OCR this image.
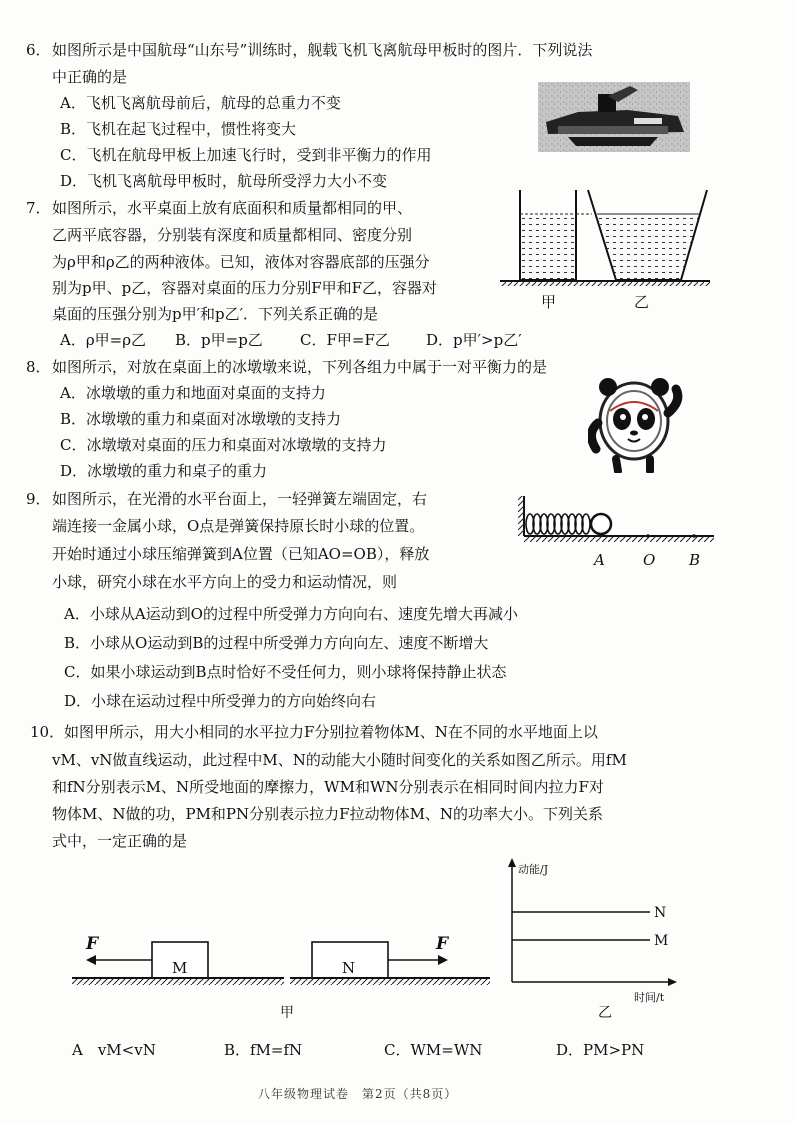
6． 如图所示是中国航母“山东号”训练时，舰载飞机飞离航母甲板时的图片．下列说法
中正确的是
A．飞机飞离航母前后，航母的总重力不变
B．飞机在起飞过程中，惯性将变大
C．飞机在航母甲板上加速飞行时，受到非平衡力的作用
D．飞机飞离航母甲板时，航母所受浮力大小不变
7． 如图所示，水平桌面上放有底面积和质量都相同的甲、
乙两平底容器，分别装有深度和质量都相同、密度分别
为ρ甲和ρ乙的两种液体。已知，液体对容器底部的压强分
别为p甲、p乙，容器对桌面的压力分别F甲和F乙，容器对
桌面的压强分别为p甲′和p乙′．下列关系正确的是
A．ρ甲=ρ乙 B．p甲=p乙 C．F甲=F乙 D．p甲′>p乙′
甲	乙
8． 如图所示，对放在桌面上的冰墩墩来说，下列各组力中属于一对平衡力的是
A．冰墩墩的重力和地面对桌面的支持力
B．冰墩墩的重力和桌面对冰墩墩的支持力
C．冰墩墩对桌面的压力和桌面对冰墩墩的支持力
D．冰墩墩的重力和桌子的重力
9． 如图所示，在光滑的水平台面上，一轻弹簧左端固定，右
端连接一金属小球，O点是弹簧保持原长时小球的位置。
开始时通过小球压缩弹簧到A位置（已知AO=OB），释放
小球，研究小球在水平方向上的受力和运动情况，则
A．小球从A运动到O的过程中所受弹力方向向右、速度先增大再减小
B．小球从O运动到B的过程中所受弹力方向向左、速度不断增大
C．如果小球运动到B点时恰好不受任何力，则小球将保持静止状态
D．小球在运动过程中所受弹力的方向始终向右
A	O B
10． 如图甲所示，用大小相同的水平拉力F分别拉着物体M、N在不同的水平地面上以
vM、vN做直线运动，此过程中M、N的动能大小随时间变化的关系如图乙所示。用fM
和fN分别表示M、N所受地面的摩擦力，WM和WN分别表示在相同时间内拉力F对
物体M、N做的功，PM和PN分别表示拉力F拉动物体M、N的功率大小。下列关系
式中，一定正确的是
F
M
F
N
甲
动能/J
N
M
时间/t
乙
A　vM<vN	B．fM=fN	C．WM=WN	D．PM>PN
八年级物理试卷　第2页（共8页）
